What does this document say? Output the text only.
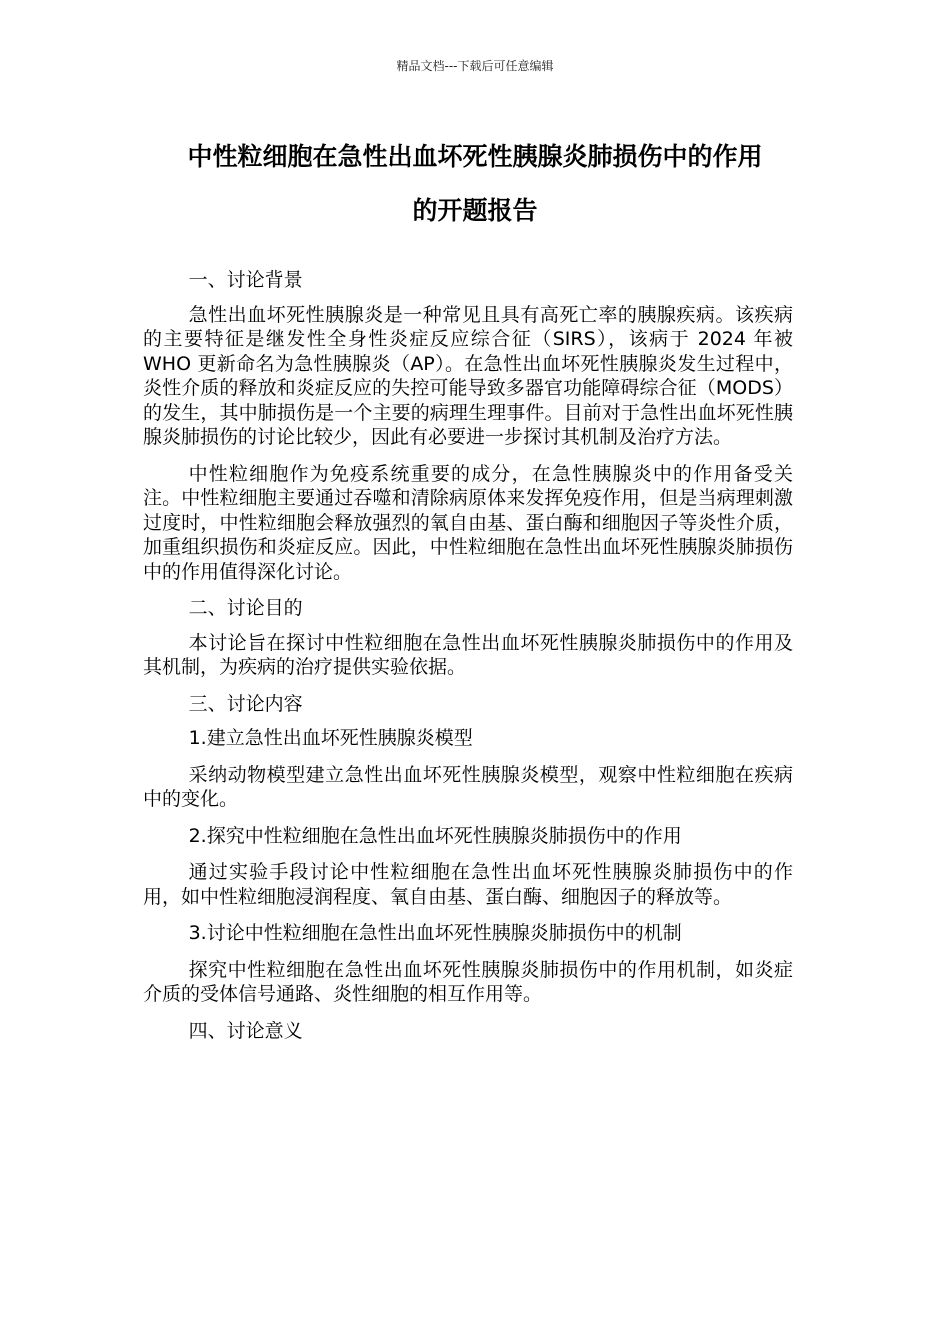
精品文档---下载后可任意编辑
中性粒细胞在急性出血坏死性胰腺炎肺损伤中的作用
的开题报告

一、讨论背景

急性出血坏死性胰腺炎是一种常见且具有高死亡率的胰腺疾病。该疾病的主要特征是继发性全身性炎症反应综合征（SIRS），该病于 2024 年被 WHO 更新命名为急性胰腺炎（AP）。在急性出血坏死性胰腺炎发生过程中，炎性介质的释放和炎症反应的失控可能导致多器官功能障碍综合征（MODS）的发生，其中肺损伤是一个主要的病理生理事件。目前对于急性出血坏死性胰腺炎肺损伤的讨论比较少，因此有必要进一步探讨其机制及治疗方法。

中性粒细胞作为免疫系统重要的成分，在急性胰腺炎中的作用备受关注。中性粒细胞主要通过吞噬和清除病原体来发挥免疫作用，但是当病理刺激过度时，中性粒细胞会释放强烈的氧自由基、蛋白酶和细胞因子等炎性介质，加重组织损伤和炎症反应。因此，中性粒细胞在急性出血坏死性胰腺炎肺损伤中的作用值得深化讨论。

二、讨论目的

本讨论旨在探讨中性粒细胞在急性出血坏死性胰腺炎肺损伤中的作用及其机制，为疾病的治疗提供实验依据。

三、讨论内容

1.建立急性出血坏死性胰腺炎模型

采纳动物模型建立急性出血坏死性胰腺炎模型，观察中性粒细胞在疾病中的变化。

2.探究中性粒细胞在急性出血坏死性胰腺炎肺损伤中的作用

通过实验手段讨论中性粒细胞在急性出血坏死性胰腺炎肺损伤中的作用，如中性粒细胞浸润程度、氧自由基、蛋白酶、细胞因子的释放等。

3.讨论中性粒细胞在急性出血坏死性胰腺炎肺损伤中的机制

探究中性粒细胞在急性出血坏死性胰腺炎肺损伤中的作用机制，如炎症介质的受体信号通路、炎性细胞的相互作用等。

四、讨论意义
